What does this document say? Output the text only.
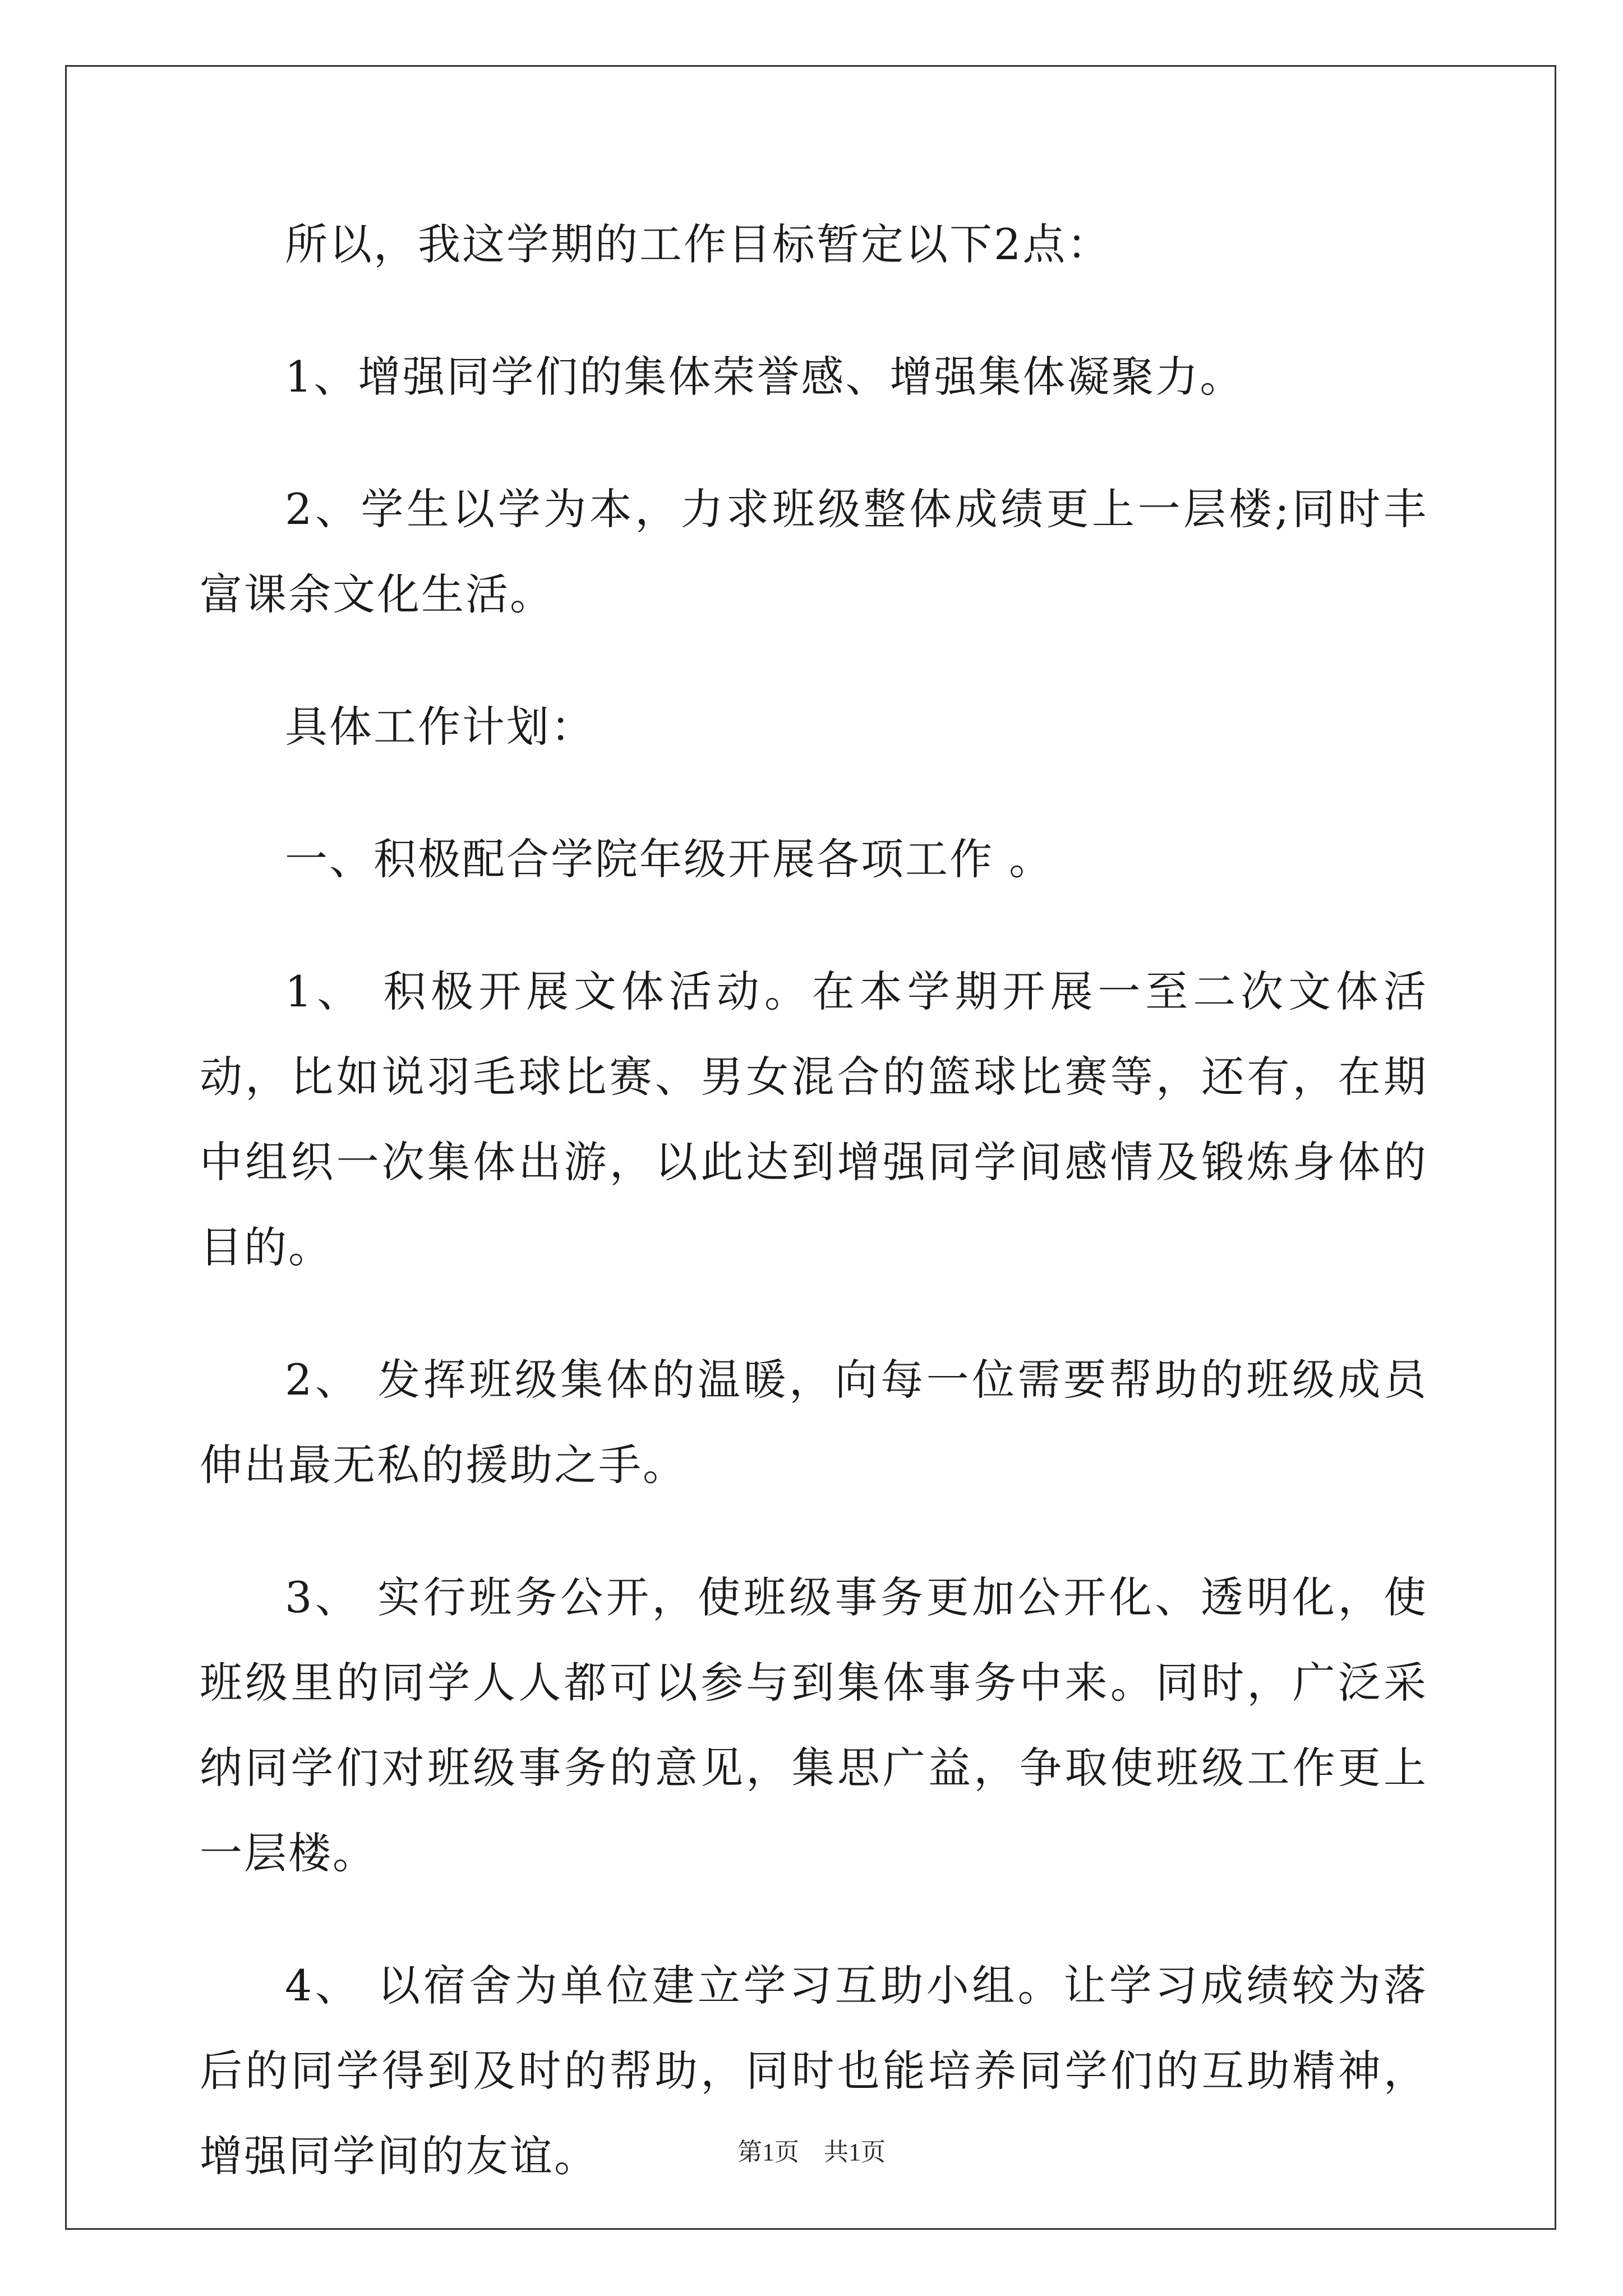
所以，我这学期的工作目标暂定以下2点：

1、增强同学们的集体荣誉感、增强集体凝聚力。

2、学生以学为本，力求班级整体成绩更上一层楼;同时丰富课余文化生活。

具体工作计划：

一、积极配合学院年级开展各项工作 。

1、 积极开展文体活动。在本学期开展一至二次文体活动，比如说羽毛球比赛、男女混合的篮球比赛等，还有，在期中组织一次集体出游，以此达到增强同学间感情及锻炼身体的目的。

2、 发挥班级集体的温暖，向每一位需要帮助的班级成员伸出最无私的援助之手。

3、 实行班务公开，使班级事务更加公开化、透明化，使班级里的同学人人都可以参与到集体事务中来。同时，广泛采纳同学们对班级事务的意见，集思广益，争取使班级工作更上一层楼。

4、 以宿舍为单位建立学习互助小组。让学习成绩较为落后的同学得到及时的帮助，同时也能培养同学们的互助精神，增强同学间的友谊。	第1页　共1页
